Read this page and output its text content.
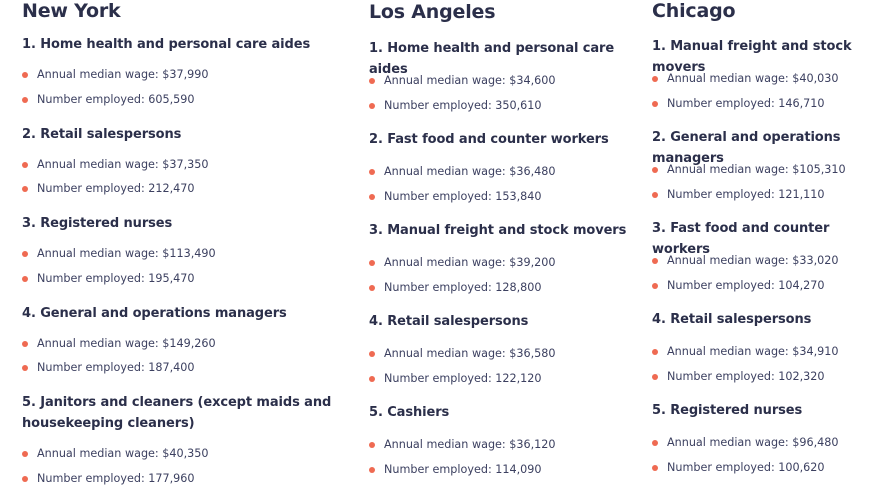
New York
1. Home health and personal care aides
Annual median wage: $37,990
Number employed: 605,590
2. Retail salespersons
Annual median wage: $37,350
Number employed: 212,470
3. Registered nurses
Annual median wage: $113,490
Number employed: 195,470
4. General and operations managers
Annual median wage: $149,260
Number employed: 187,400
5. Janitors and cleaners (except maids and housekeeping cleaners)
Annual median wage: $40,350
Number employed: 177,960
Los Angeles
1. Home health and personal care aides
Annual median wage: $34,600
Number employed: 350,610
2. Fast food and counter workers
Annual median wage: $36,480
Number employed: 153,840
3. Manual freight and stock movers
Annual median wage: $39,200
Number employed: 128,800
4. Retail salespersons
Annual median wage: $36,580
Number employed: 122,120
5. Cashiers
Annual median wage: $36,120
Number employed: 114,090
Chicago
1. Manual freight and stock movers
Annual median wage: $40,030
Number employed: 146,710
2. General and operations managers
Annual median wage: $105,310
Number employed: 121,110
3. Fast food and counter workers
Annual median wage: $33,020
Number employed: 104,270
4. Retail salespersons
Annual median wage: $34,910
Number employed: 102,320
5. Registered nurses
Annual median wage: $96,480
Number employed: 100,620
